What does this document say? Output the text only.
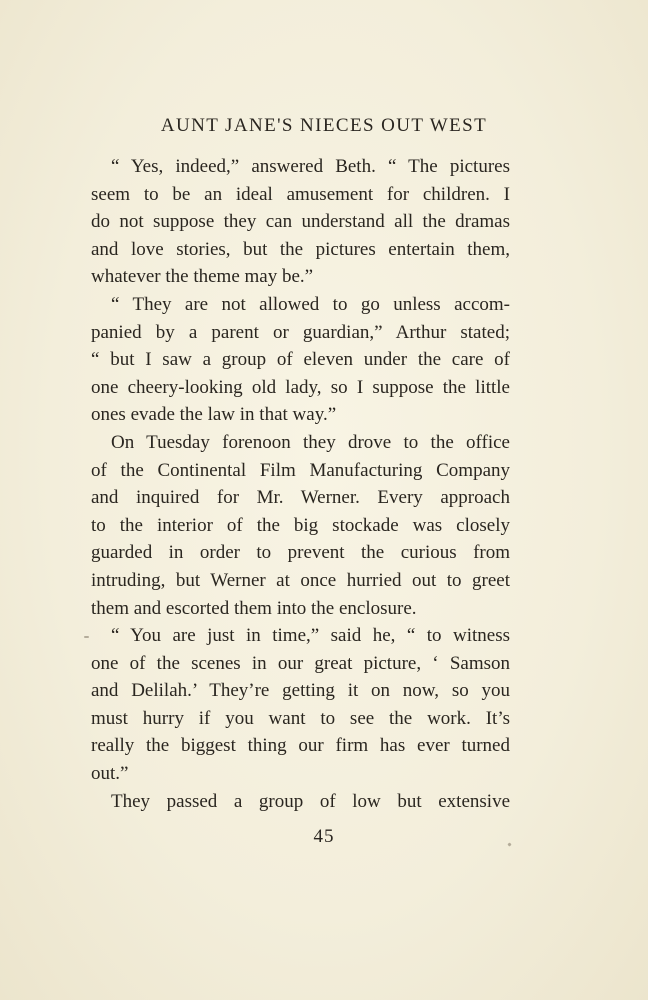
AUNT JANE'S NIECES OUT WEST
“ Yes, indeed,” answered Beth. “ The pictures
seem to be an ideal amusement for children. I
do not suppose they can understand all the dramas
and love stories, but the pictures entertain them,
whatever the theme may be.”
“ They are not allowed to go unless accom-
panied by a parent or guardian,” Arthur stated;
“ but I saw a group of eleven under the care of
one cheery-looking old lady, so I suppose the little
ones evade the law in that way.”
On Tuesday forenoon they drove to the office
of the Continental Film Manufacturing Company
and inquired for Mr. Werner. Every approach
to the interior of the big stockade was closely
guarded in order to prevent the curious from
intruding, but Werner at once hurried out to greet
them and escorted them into the enclosure.
“ You are just in time,” said he, “ to witness
one of the scenes in our great picture, ‘ Samson
and Delilah.’ They’re getting it on now, so you
must hurry if you want to see the work. It’s
really the biggest thing our firm has ever turned
out.”
They passed a group of low but extensive
45
